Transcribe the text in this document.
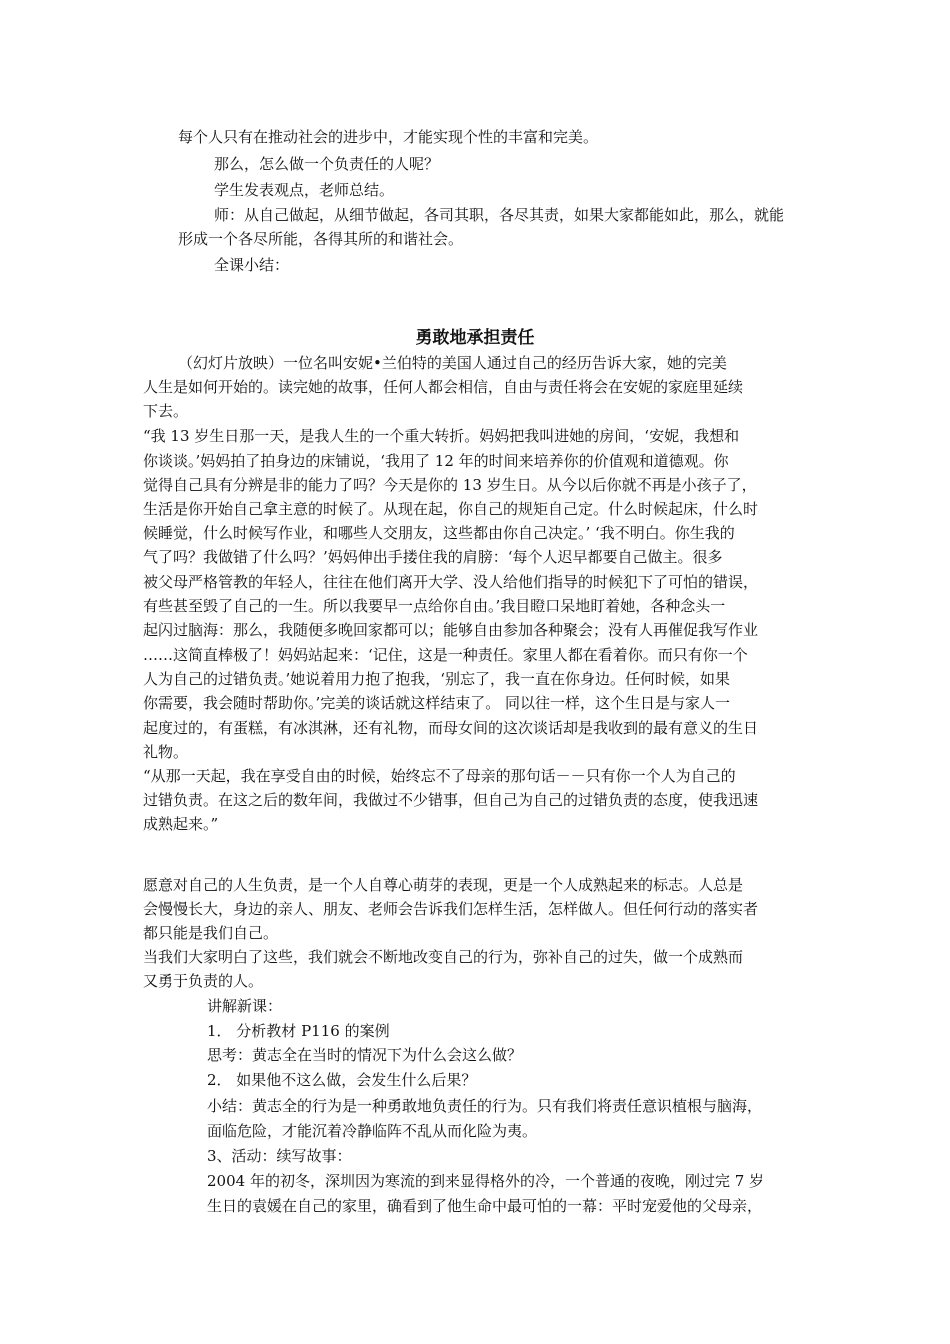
每个人只有在推动社会的进步中，才能实现个性的丰富和完美。
那么，怎么做一个负责任的人呢？
学生发表观点，老师总结。
师：从自己做起，从细节做起，各司其职，各尽其责，如果大家都能如此，那么，就能
形成一个各尽所能，各得其所的和谐社会。
全课小结：
勇敢地承担责任
（幻灯片放映）一位名叫安妮•兰伯特的美国人通过自己的经历告诉大家，她的完美
人生是如何开始的。读完她的故事，任何人都会相信，自由与责任将会在安妮的家庭里延续
下去。
“我 13 岁生日那一天，是我人生的一个重大转折。妈妈把我叫进她的房间，‘安妮，我想和
你谈谈。’妈妈拍了拍身边的床铺说，‘我用了 12 年的时间来培养你的价值观和道德观。你
觉得自己具有分辨是非的能力了吗？今天是你的 13 岁生日。从今以后你就不再是小孩子了，
生活是你开始自己拿主意的时候了。从现在起，你自己的规矩自己定。什么时候起床，什么时
候睡觉，什么时候写作业，和哪些人交朋友，这些都由你自己决定。’ ‘我不明白。你生我的
气了吗？我做错了什么吗？’妈妈伸出手搂住我的肩膀：‘每个人迟早都要自己做主。很多
被父母严格管教的年轻人，往往在他们离开大学、没人给他们指导的时候犯下了可怕的错误，
有些甚至毁了自己的一生。所以我要早一点给你自由。’我目瞪口呆地盯着她，各种念头一
起闪过脑海：那么，我随便多晚回家都可以；能够自由参加各种聚会；没有人再催促我写作业
……这简直棒极了！妈妈站起来：‘记住，这是一种责任。家里人都在看着你。而只有你一个
人为自己的过错负责。’她说着用力抱了抱我，‘别忘了，我一直在你身边。任何时候，如果
你需要，我会随时帮助你。’完美的谈话就这样结束了。 同以往一样，这个生日是与家人一
起度过的，有蛋糕，有冰淇淋，还有礼物，而母女间的这次谈话却是我收到的最有意义的生日
礼物。
“从那一天起，我在享受自由的时候，始终忘不了母亲的那句话－－只有你一个人为自己的
过错负责。在这之后的数年间，我做过不少错事，但自己为自己的过错负责的态度，使我迅速
成熟起来。”
愿意对自己的人生负责，是一个人自尊心萌芽的表现，更是一个人成熟起来的标志。人总是
会慢慢长大，身边的亲人、朋友、老师会告诉我们怎样生活，怎样做人。但任何行动的落实者
都只能是我们自己。
当我们大家明白了这些，我们就会不断地改变自己的行为，弥补自己的过失，做一个成熟而
又勇于负责的人。
讲解新课：
1． 分析教材 P116 的案例
思考：黄志全在当时的情况下为什么会这么做？
2． 如果他不这么做，会发生什么后果？
小结：黄志全的行为是一种勇敢地负责任的行为。只有我们将责任意识植根与脑海，
面临危险，才能沉着冷静临阵不乱从而化险为夷。
3、活动：续写故事：
2004 年的初冬，深圳因为寒流的到来显得格外的冷，一个普通的夜晚，刚过完 7 岁
生日的袁媛在自己的家里，确看到了他生命中最可怕的一幕：平时宠爱他的父母亲，
